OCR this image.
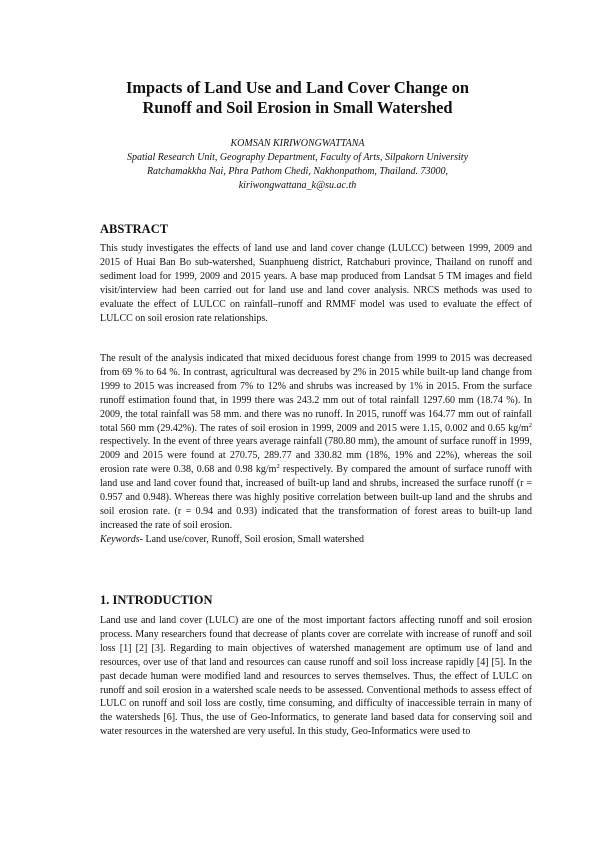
Impacts of Land Use and Land Cover Change on
Runoff and Soil Erosion in Small Watershed
KOMSAN KIRIWONGWATTANA
Spatial Research Unit, Geography Department, Faculty of Arts, Silpakorn University
Ratchamakkha Nai, Phra Pathom Chedi, Nakhonpathom, Thailand. 73000,
kiriwongwattana_k@su.ac.th
ABSTRACT
This study investigates the effects of land use and land cover change (LULCC) between 1999, 2009 and 2015 of Huai Ban Bo sub-watershed, Suanphueng district, Ratchaburi province, Thailand on runoff and sediment load for 1999, 2009 and 2015 years. A base map produced from Landsat 5 TM images and field visit/interview had been carried out for land use and land cover analysis. NRCS methods was used to evaluate the effect of LULCC on rainfall–runoff and RMMF model was used to evaluate the effect of LULCC on soil erosion rate relationships.
The result of the analysis indicated that mixed deciduous forest change from 1999 to 2015 was decreased from 69 % to 64 %. In contrast, agricultural was decreased by 2% in 2015 while built-up land change from 1999 to 2015 was increased from 7% to 12% and shrubs was increased by 1% in 2015. From the surface runoff estimation found that, in 1999 there was 243.2 mm out of total rainfall 1297.60 mm (18.74 %). In 2009, the total rainfall was 58 mm. and there was no runoff. In 2015, runoff was 164.77 mm out of rainfall total 560 mm (29.42%). The rates of soil erosion in 1999, 2009 and 2015 were 1.15, 0.002 and 0.65 $kg/m^2$ respectively. In the event of three years average rainfall (780.80 mm), the amount of surface runoff in 1999, 2009 and 2015 were found at 270.75, 289.77 and 330.82 mm (18%, 19% and 22%), whereas the soil erosion rate were 0.38, 0.68 and 0.98 $kg/m^2$ respectively. By compared the amount of surface runoff with land use and land cover found that, increased of built-up land and shrubs, increased the surface runoff (r = 0.957 and 0.948). Whereas there was highly positive correlation between built-up land and the shrubs and soil erosion rate. (r = 0.94 and 0.93) indicated that the transformation of forest areas to built-up land increased the rate of soil erosion.
Keywords- Land use/cover, Runoff, Soil erosion, Small watershed
1. INTRODUCTION
Land use and land cover (LULC) are one of the most important factors affecting runoff and soil erosion process. Many researchers found that decrease of plants cover are correlate with increase of runoff and soil loss [1] [2] [3]. Regarding to main objectives of watershed management are optimum use of land and resources, over use of that land and resources can cause runoff and soil loss increase rapidly [4] [5]. In the past decade human were modified land and resources to serves themselves. Thus, the effect of LULC on runoff and soil erosion in a watershed scale needs to be assessed. Conventional methods to assess effect of LULC on runoff and soil loss are costly, time consuming, and difficulty of inaccessible terrain in many of the watersheds [6]. Thus, the use of Geo-Informatics, to generate land based data for conserving soil and water resources in the watershed are very useful. In this study, Geo-Informatics were used to
